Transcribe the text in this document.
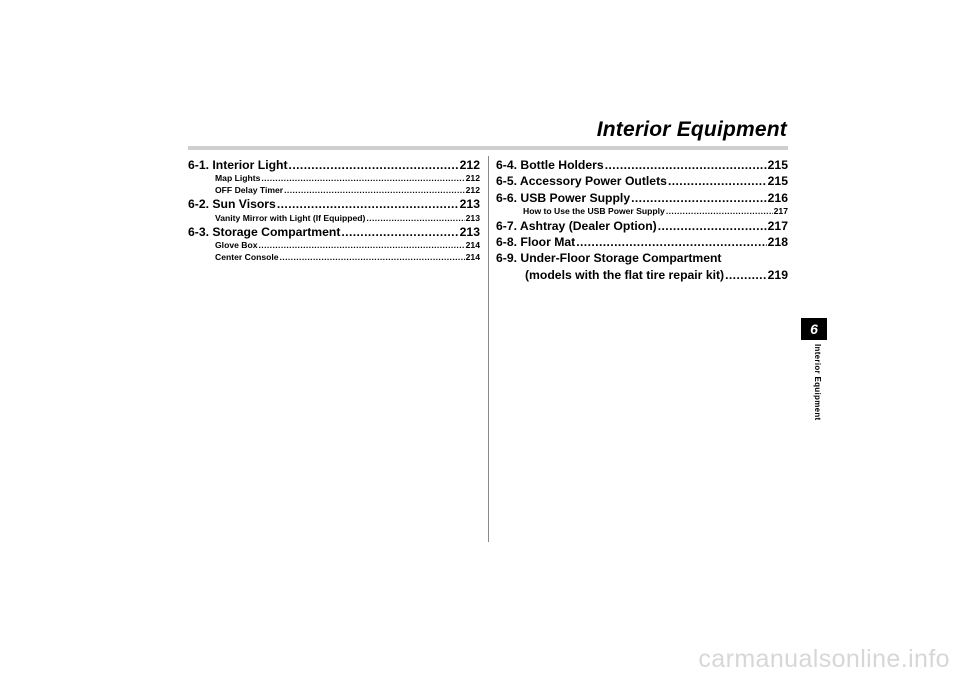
Interior Equipment
6-1. Interior Light .....	212
Map Lights .....	212
OFF Delay Timer .....	212
6-2. Sun Visors .....	213
Vanity Mirror with Light (If Equipped) .....	213
6-3. Storage Compartment .....	213
Glove Box .....	214
Center Console .....	214
6-4. Bottle Holders .....	215
6-5. Accessory Power Outlets .....	215
6-6. USB Power Supply .....	216
How to Use the USB Power Supply .....	217
6-7. Ashtray (Dealer Option) .....	217
6-8. Floor Mat .....	218
6-9. Under-Floor Storage Compartment
(models with the flat tire repair kit) .....	219
6
Interior Equipment
carmanualsonline.info
